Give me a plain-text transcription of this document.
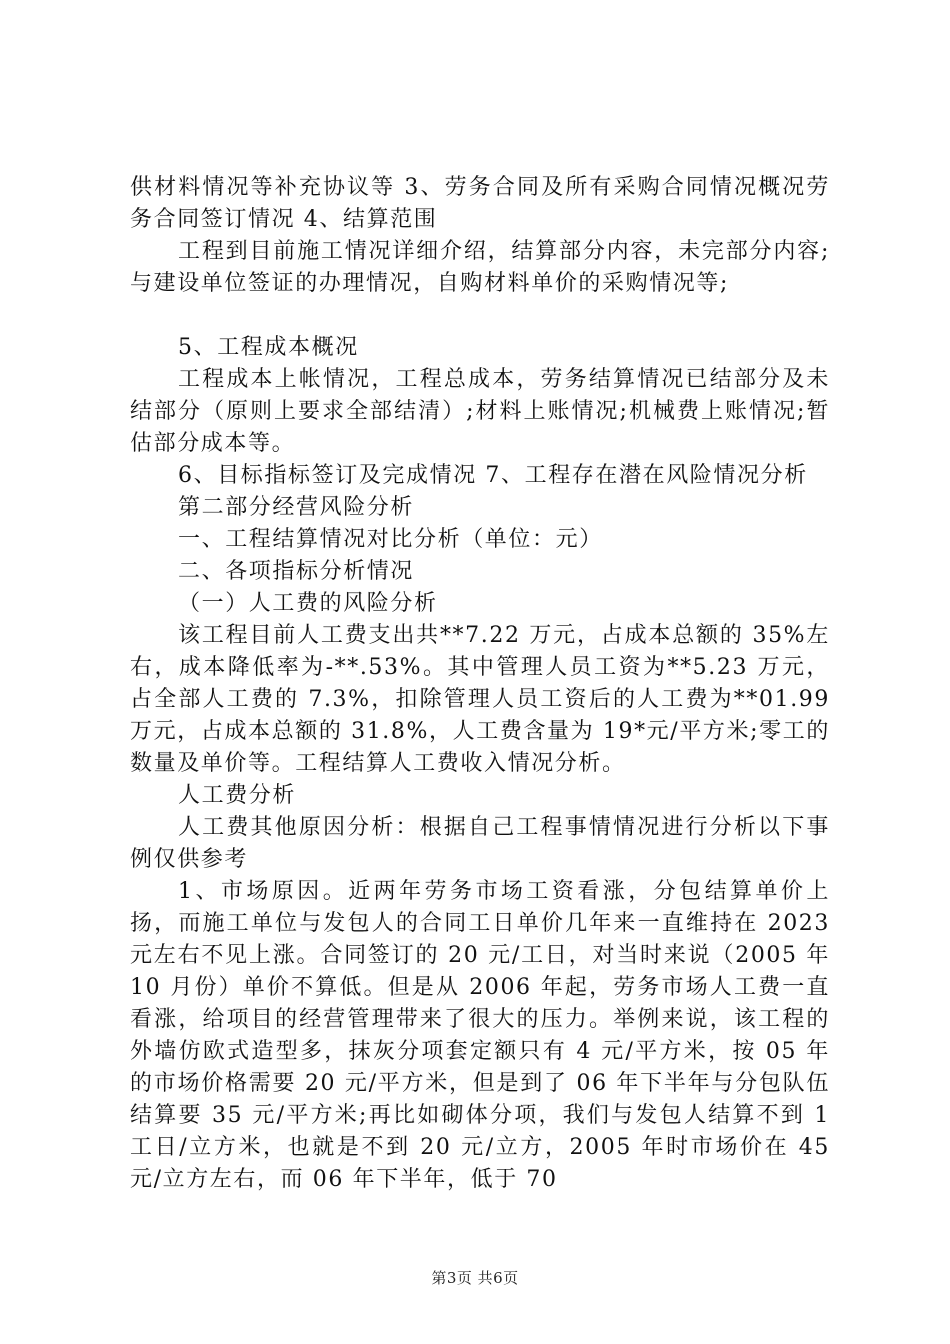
供材料情况等补充协议等 3、劳务合同及所有采购合同情况概况劳务合同签订情况 4、结算范围

工程到目前施工情况详细介绍，结算部分内容，未完部分内容;与建设单位签证的办理情况，自购材料单价的采购情况等;

5、工程成本概况

工程成本上帐情况，工程总成本，劳务结算情况已结部分及未结部分（原则上要求全部结清）;材料上账情况;机械费上账情况;暂估部分成本等。

6、目标指标签订及完成情况 7、工程存在潜在风险情况分析

第二部分经营风险分析

一、工程结算情况对比分析（单位：元）

二、各项指标分析情况

（一）人工费的风险分析

该工程目前人工费支出共**7.22 万元，占成本总额的 35%左右，成本降低率为-**.53%。其中管理人员工资为**5.23 万元，占全部人工费的 7.3%，扣除管理人员工资后的人工费为**01.99 万元，占成本总额的 31.8%，人工费含量为 19*元/平方米;零工的数量及单价等。工程结算人工费收入情况分析。

人工费分析

人工费其他原因分析：根据自己工程事情情况进行分析以下事例仅供参考

1、市场原因。近两年劳务市场工资看涨，分包结算单价上扬，而施工单位与发包人的合同工日单价几年来一直维持在 2023 元左右不见上涨。合同签订的 20 元/工日，对当时来说（2005 年 10 月份）单价不算低。但是从 2006 年起，劳务市场人工费一直看涨，给项目的经营管理带来了很大的压力。举例来说，该工程的外墙仿欧式造型多，抹灰分项套定额只有 4 元/平方米，按 05 年的市场价格需要 20 元/平方米，但是到了 06 年下半年与分包队伍结算要 35 元/平方米;再比如砌体分项，我们与发包人结算不到 1 工日/立方米，也就是不到 20 元/立方，2005 年时市场价在 45 元/立方左右，而 06 年下半年，低于 70

第3页 共6页
